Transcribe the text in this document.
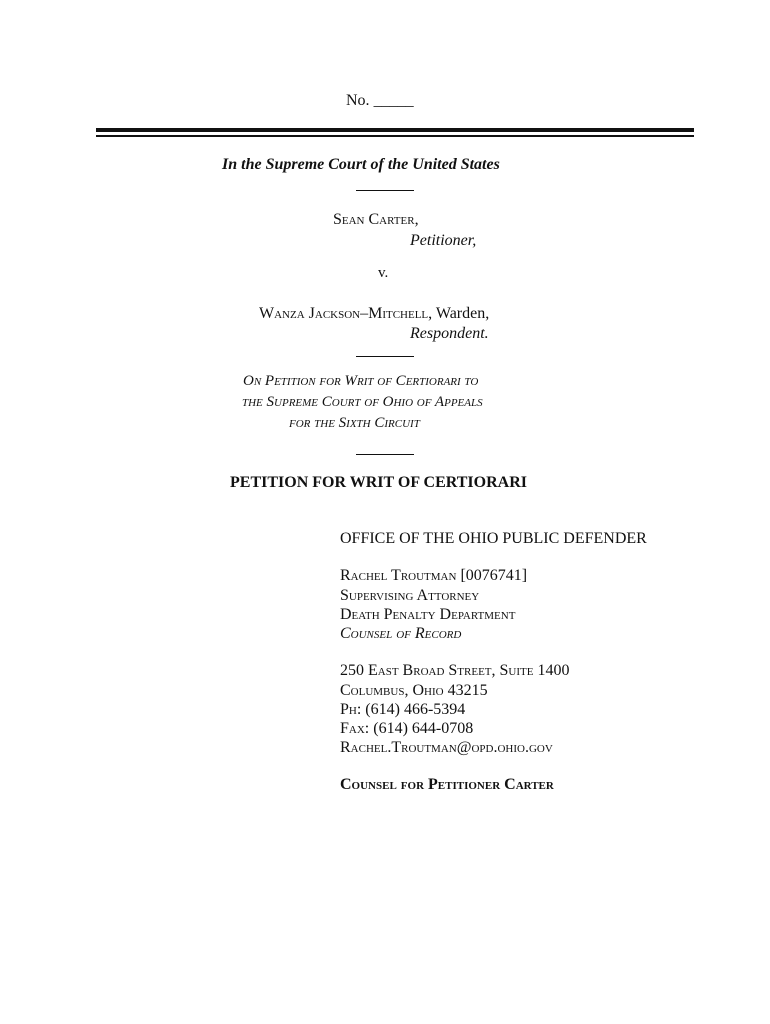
No. _____
In the Supreme Court of the United States
Sean Carter,
Petitioner,
v.
Wanza Jackson–Mitchell, Warden,
Respondent.
On Petition for Writ of Certiorari to
the Supreme Court of Ohio of Appeals
for the Sixth Circuit
PETITION FOR WRIT OF CERTIORARI
OFFICE OF THE OHIO PUBLIC DEFENDER
Rachel Troutman [0076741]
Supervising Attorney
Death Penalty Department
Counsel of Record
250 East Broad Street, Suite 1400
Columbus, Ohio 43215
Ph: (614) 466-5394
Fax: (614) 644-0708
Rachel.Troutman@opd.ohio.gov
Counsel for Petitioner Carter
